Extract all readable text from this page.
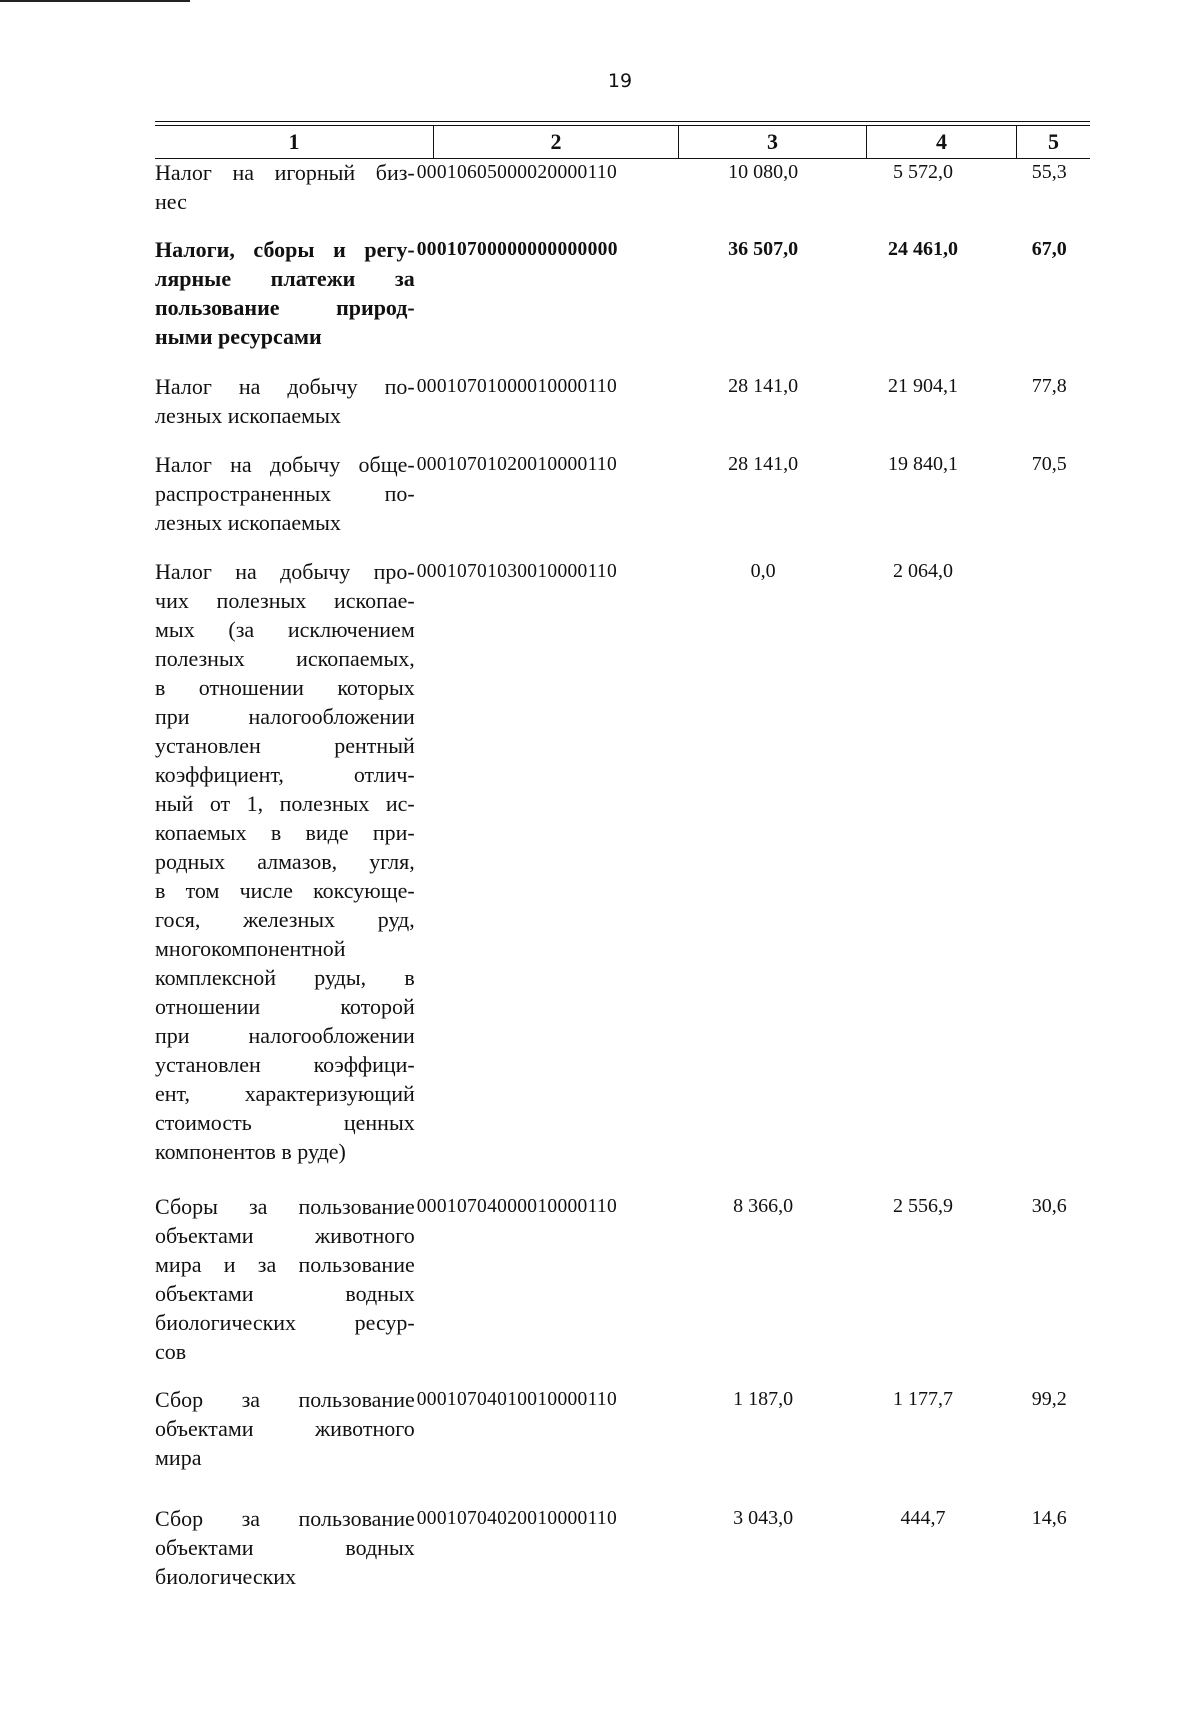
19
1	2	3	4	5
Налог на игорный биз-
нес
00010605000020000110	10 080,0	5 572,0	55,3
Налоги, сборы и регу-
лярные платежи за
пользование природ-
ными ресурсами
00010700000000000000	36 507,0	24 461,0	67,0
Налог на добычу по-
лезных ископаемых
00010701000010000110	28 141,0	21 904,1	77,8
Налог на добычу обще-
распространенных по-
лезных ископаемых
00010701020010000110	28 141,0	19 840,1	70,5
Налог на добычу про-
чих полезных ископае-
мых (за исключением
полезных ископаемых,
в отношении которых
при налогообложении
установлен рентный
коэффициент, отлич-
ный от 1, полезных ис-
копаемых в виде при-
родных алмазов, угля,
в том числе коксующе-
гося, железных руд,
многокомпонентной
комплексной руды, в
отношении которой
при налогообложении
установлен коэффици-
ент, характеризующий
стоимость ценных
компонентов в руде)
00010701030010000110	0,0	2 064,0
Сборы за пользование
объектами животного
мира и за пользование
объектами водных
биологических ресур-
сов
00010704000010000110	8 366,0	2 556,9	30,6
Сбор за пользование
объектами животного
мира
00010704010010000110	1 187,0	1 177,7	99,2
Сбор за пользование
объектами водных
биологических
00010704020010000110	3 043,0	444,7	14,6
